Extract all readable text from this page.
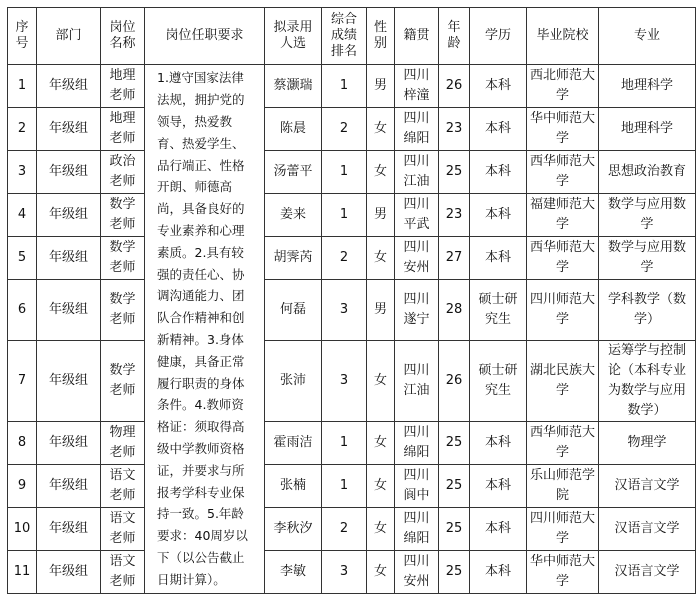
序号	部门	岗位名称	岗位任职要求	拟录用人选	综合成绩排名	性别	籍贯	年龄	学历	毕业院校	专业
1	年级组	地理老师	1.遵守国家法律法规，拥护党的领导，热爱教育、热爱学生、品行端正、性格开朗、师德高尚，具备良好的专业素养和心理素质。2.具有较强的责任心、协调沟通能力、团队合作精神和创新精神。3.身体健康，具备正常履行职责的身体条件。4.教师资格证：须取得高级中学教师资格证，并要求与所报考学科专业保持一致。5.年龄要求：40周岁以下（以公告截止日期计算）。	蔡灏瑞	1	男	四川梓潼	26	本科	西北师范大学	地理科学
2	年级组	地理老师		陈晨	2	女	四川绵阳	23	本科	华中师范大学	地理科学
3	年级组	政治老师		汤蕾平	1	女	四川江油	25	本科	西华师范大学	思想政治教育
4	年级组	数学老师		姜来	1	男	四川平武	23	本科	福建师范大学	数学与应用数学
5	年级组	数学老师		胡霁芮	2	女	四川安州	27	本科	西华师范大学	数学与应用数学
6	年级组	数学老师		何磊	3	男	四川遂宁	28	硕士研究生	四川师范大学	学科教学（数学）
7	年级组	数学老师		张沛	3	女	四川江油	26	硕士研究生	湖北民族大学	运筹学与控制论（本科专业为数学与应用数学）
8	年级组	物理老师		霍雨洁	1	女	四川绵阳	25	本科	西华师范大学	物理学
9	年级组	语文老师		张楠	1	女	四川阆中	25	本科	乐山师范学院	汉语言文学
10	年级组	语文老师		李秋汐	2	女	四川绵阳	25	本科	四川师范大学	汉语言文学
11	年级组	语文老师		李敏	3	女	四川安州	25	本科	华中师范大学	汉语言文学
